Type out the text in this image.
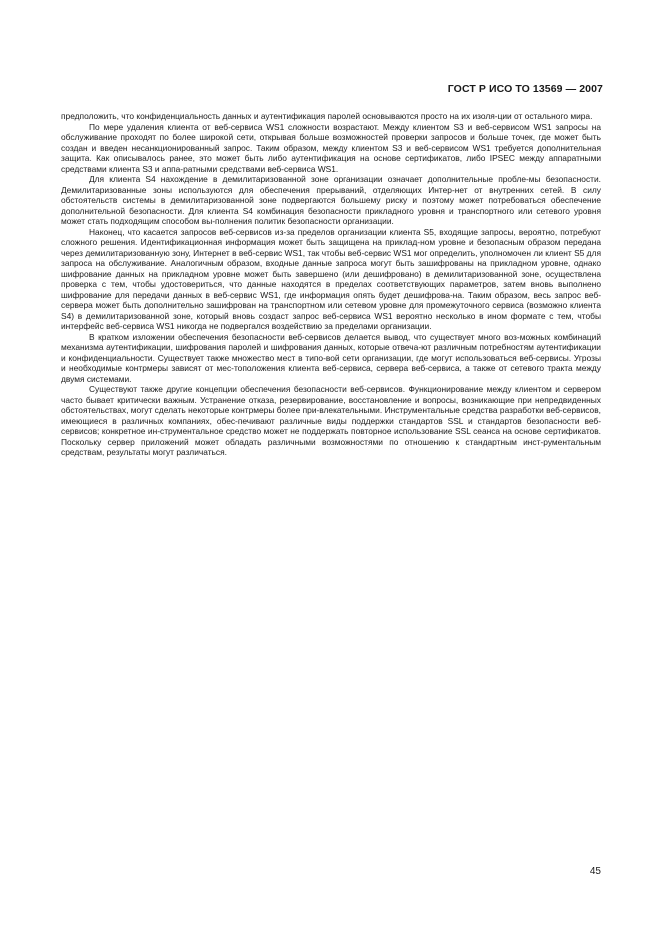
ГОСТ Р ИСО ТО 13569 — 2007

предположить, что конфиденциальность данных и аутентификация паролей основываются просто на их изоля-ции от остального мира.

По мере удаления клиента от веб-сервиса WS1 сложности возрастают. Между клиентом S3 и веб-сервисом WS1 запросы на обслуживание проходят по более широкой сети, открывая больше возможностей проверки запросов и больше точек, где может быть создан и введен несанкционированный запрос. Таким образом, между клиентом S3 и веб-сервисом WS1 требуется дополнительная защита. Как описывалось ранее, это может быть либо аутентификация на основе сертификатов, либо IPSEC между аппаратными средствами клиента S3 и аппа-ратными средствами веб-сервиса WS1.

Для клиента S4 нахождение в демилитаризованной зоне организации означает дополнительные пробле-мы безопасности. Демилитаризованные зоны используются для обеспечения прерываний, отделяющих Интер-нет от внутренних сетей. В силу обстоятельств системы в демилитаризованной зоне подвергаются большему риску и поэтому может потребоваться обеспечение дополнительной безопасности. Для клиента S4 комбинация безопасности прикладного уровня и транспортного или сетевого уровня может стать подходящим способом вы-полнения политик безопасности организации.

Наконец, что касается запросов веб-сервисов из-за пределов организации клиента S5, входящие запросы, вероятно, потребуют сложного решения. Идентификационная информация может быть защищена на приклад-ном уровне и безопасным образом передана через демилитаризованную зону, Интернет в веб-сервис WS1, так чтобы веб-сервис WS1 мог определить, уполномочен ли клиент S5 для запроса на обслуживание. Аналогичным образом, входные данные запроса могут быть зашифрованы на прикладном уровне, однако шифрование данных на прикладном уровне может быть завершено (или дешифровано) в демилитаризованной зоне, осуществлена проверка с тем, чтобы удостовериться, что данные находятся в пределах соответствующих параметров, затем вновь выполнено шифрование для передачи данных в веб-сервис WS1, где информация опять будет дешифрова-на. Таким образом, весь запрос веб-сервера может быть дополнительно зашифрован на транспортном или сетевом уровне для промежуточного сервиса (возможно клиента S4) в демилитаризованной зоне, который вновь создаст запрос веб-сервиса WS1 вероятно несколько в ином формате с тем, чтобы интерфейс веб-сервиса WS1 никогда не подвергался воздействию за пределами организации.

В кратком изложении обеспечения безопасности веб-сервисов делается вывод, что существует много воз-можных комбинаций механизма аутентификации, шифрования паролей и шифрования данных, которые отвеча-ют различным потребностям аутентификации и конфиденциальности. Существует также множество мест в типо-вой сети организации, где могут использоваться веб-сервисы. Угрозы и необходимые контрмеры зависят от мес-тоположения клиента веб-сервиса, сервера веб-сервиса, а также от сетевого тракта между двумя системами.

Существуют также другие концепции обеспечения безопасности веб-сервисов. Функционирование между клиентом и сервером часто бывает критически важным. Устранение отказа, резервирование, восстановление и вопросы, возникающие при непредвиденных обстоятельствах, могут сделать некоторые контрмеры более при-влекательными. Инструментальные средства разработки веб-сервисов, имеющиеся в различных компаниях, обес-печивают различные виды поддержки стандартов SSL и стандартов безопасности веб-сервисов; конкретное ин-струментальное средство может не поддержать повторное использование SSL сеанса на основе сертификатов. Поскольку сервер приложений может обладать различными возможностями по отношению к стандартным инст-рументальным средствам, результаты могут различаться.

45
